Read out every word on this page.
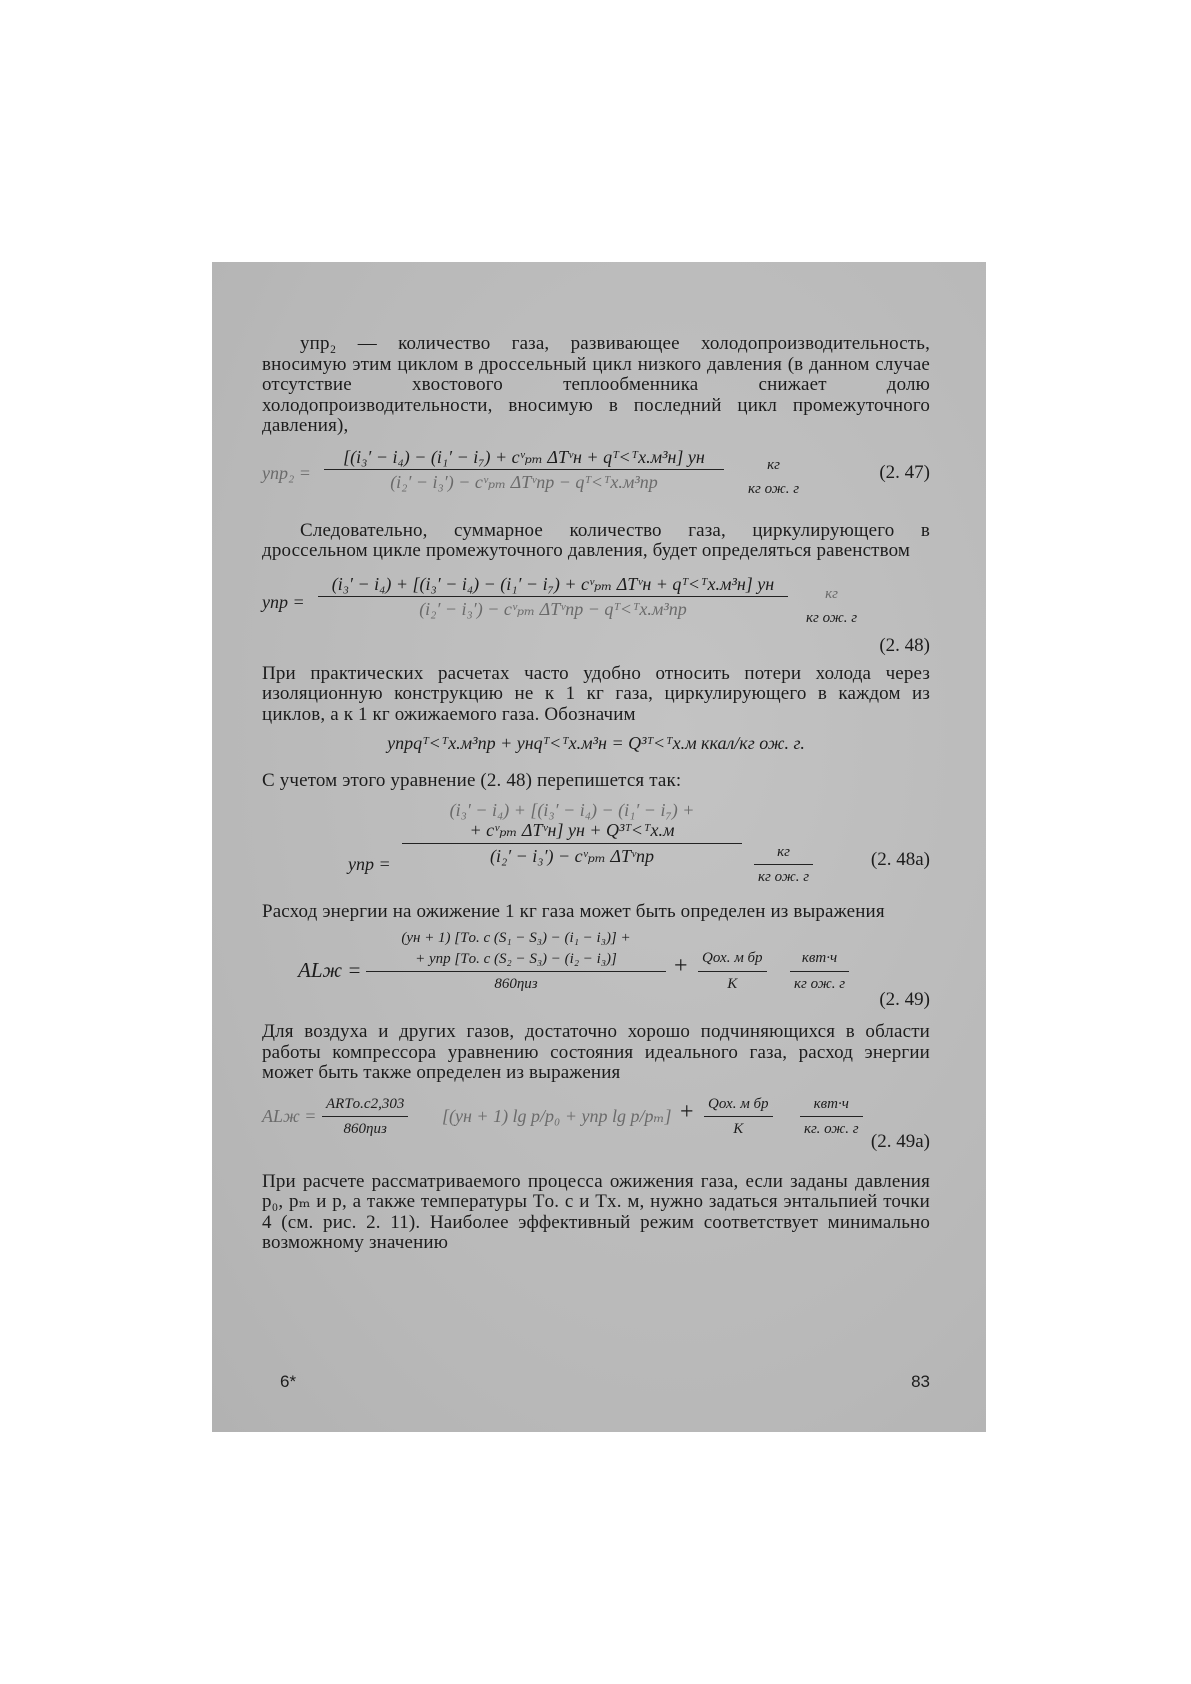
yпр₂ — количество газа, развивающее холодопроизводительность, вносимую этим циклом в дроссельный цикл низкого давления (в данном случае отсутствие хвостового теплообменника снижает долю холодопроизводительности, вносимую в последний цикл промежуточного давления),

yпр₂ =
[(i₃′ − i₄) − (i₁′ − i₇) + cᵛₚₘ ΔTᵛн + qᵀ˂ᵀх.м³н] yн
(i₂′ − i₃′) − cᵛₚₘ ΔTᵛпр − qᵀ˂ᵀх.м³пр
кг
кг ож. г
(2. 47)

Следовательно, суммарное количество газа, циркулирующего в дроссельном цикле промежуточного давления, будет определяться равенством

yпр =
(i₃′ − i₄) + [(i₃′ − i₄) − (i₁′ − i₇) + cᵛₚₘ ΔTᵛн + qᵀ˂ᵀх.м³н] yн
(i₂′ − i₃′) − cᵛₚₘ ΔTᵛпр − qᵀ˂ᵀх.м³пр
кг
кг ож. г
(2. 48)

При практических расчетах часто удобно относить потери холода через изоляционную конструкцию не к 1 кг газа, циркулирующего в каждом из циклов, а к 1 кг ожижаемого газа. Обозначим

yпрqᵀ˂ᵀх.м³пр + yнqᵀ˂ᵀх.м³н = Q³ᵀ˂ᵀх.м ккал/кг ож. г.

С учетом этого уравнение (2. 48) перепишется так:

yпр =
(i₃′ − i₄) + [(i₃′ − i₄) − (i₁′ − i₇) +
+ cᵛₚₘ ΔTᵛн] yн + Q³ᵀ˂ᵀх.м
(i₂′ − i₃′) − cᵛₚₘ ΔTᵛпр	кг
кг ож. г
(2. 48a)

Расход энергии на ожижение 1 кг газа может быть определен из выражения

ALж =
(yн + 1) [Tо. с (S₁ − S₃) − (i₁ − i₃)] +
+ yпр [Tо. с (S₂ − S₃) − (i₂ − i₃)]
860ηиз
+ Qох. м бр
K
квт·ч
кг ож. г
(2. 49)

Для воздуха и других газов, достаточно хорошо подчиняющихся в области работы компрессора уравнению состояния идеального газа, расход энергии может быть также определен из выражения

ALж =
ARTо.с2,303
860ηиз
[(yн + 1) lg p/p₀ + yпр lg p/pₘ] + Qох. м бр
K
квт·ч
кг. ож. г
(2. 49a)

При расчете рассматриваемого процесса ожижения газа, если заданы давления p₀, pₘ и p, а также температуры Tо. с и Tх. м, нужно задаться энтальпией точки 4 (см. рис. 2. 11). Наиболее эффективный режим соответствует минимально возможному значению

6*	83
